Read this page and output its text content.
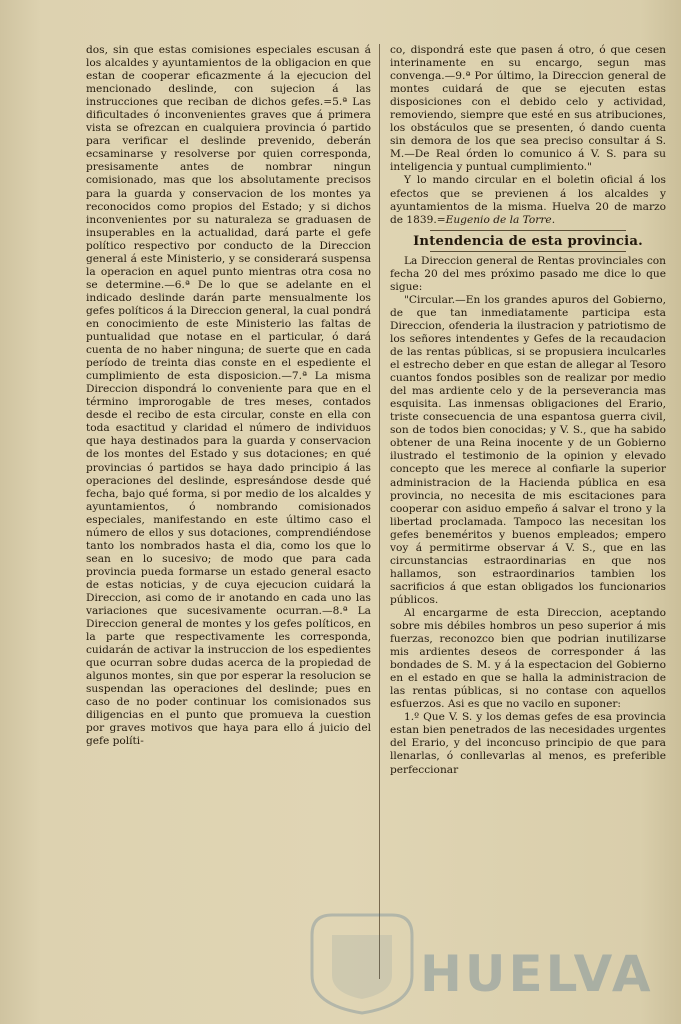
dos, sin que estas comisiones especiales escusan á los alcaldes y ayuntamientos de la obligacion en que estan de cooperar eficazmente á la ejecucion del mencionado deslinde, con sujecion á las instrucciones que reciban de dichos gefes.=5.ª Las dificultades ó inconvenientes graves que á primera vista se ofrezcan en cualquiera provincia ó partido para verificar el deslinde prevenido, deberán ecsaminarse y resolverse por quien corresponda, presisamente antes de nombrar ningun comisionado, mas que los absolutamente precisos para la guarda y conservacion de los montes ya reconocidos como propios del Estado; y si dichos inconvenientes por su naturaleza se graduasen de insuperables en la actualidad, dará parte el gefe político respectivo por conducto de la Direccion general á este Ministerio, y se considerará suspensa la operacion en aquel punto mientras otra cosa no se determine.—6.ª De lo que se adelante en el indicado deslinde darán parte mensualmente los gefes políticos á la Direccion general, la cual pondrá en conocimiento de este Ministerio las faltas de puntualidad que notase en el particular, ó dará cuenta de no haber ninguna; de suerte que en cada período de treinta dias conste en el espediente el cumplimiento de esta disposicion.—7.ª La misma Direccion dispondrá lo conveniente para que en el término improrogable de tres meses, contados desde el recibo de esta circular, conste en ella con toda esactitud y claridad el número de individuos que haya destinados para la guarda y conservacion de los montes del Estado y sus dotaciones; en qué provincias ó partidos se haya dado principio á las operaciones del deslinde, espresándose desde qué fecha, bajo qué forma, si por medio de los alcaldes y ayuntamientos, ó nombrando comisionados especiales, manifestando en este último caso el número de ellos y sus dotaciones, comprendiéndose tanto los nombrados hasta el dia, como los que lo sean en lo sucesivo; de modo que para cada provincia pueda formarse un estado general esacto de estas noticias, y de cuya ejecucion cuidará la Direccion, asi como de ir anotando en cada uno las variaciones que sucesivamente ocurran.—8.ª La Direccion general de montes y los gefes políticos, en la parte que respectivamente les corresponda, cuidarán de activar la instruccion de los espedientes que ocurran sobre dudas acerca de la propiedad de algunos montes, sin que por esperar la resolucion se suspendan las operaciones del deslinde; pues en caso de no poder continuar los comisionados sus diligencias en el punto que promueva la cuestion por graves motivos que haya para ello á juicio del gefe políti-

co, dispondrá este que pasen á otro, ó que cesen interinamente en su encargo, segun mas convenga.—9.ª Por último, la Direccion general de montes cuidará de que se ejecuten estas disposiciones con el debido celo y actividad, removiendo, siempre que esté en sus atribuciones, los obstáculos que se presenten, ó dando cuenta sin demora de los que sea preciso consultar á S. M.—De Real órden lo comunico á V. S. para su inteligencia y puntual cumplimiento."

Y lo mando circular en el boletin oficial á los efectos que se previenen á los alcaldes y ayuntamientos de la misma. Huelva 20 de marzo de 1839.=Eugenio de la Torre.

Intendencia de esta provincia.

La Direccion general de Rentas provinciales con fecha 20 del mes próximo pasado me dice lo que sigue:

"Circular.—En los grandes apuros del Gobierno, de que tan inmediatamente participa esta Direccion, ofenderia la ilustracion y patriotismo de los señores intendentes y Gefes de la recaudacion de las rentas públicas, si se propusiera inculcarles el estrecho deber en que estan de allegar al Tesoro cuantos fondos posibles son de realizar por medio del mas ardiente celo y de la perseverancia mas esquisita. Las inmensas obligaciones del Erario, triste consecuencia de una espantosa guerra civil, son de todos bien conocidas; y V. S., que ha sabido obtener de una Reina inocente y de un Gobierno ilustrado el testimonio de la opinion y elevado concepto que les merece al confiarle la superior administracion de la Hacienda pública en esa provincia, no necesita de mis escitaciones para cooperar con asiduo empeño á salvar el trono y la libertad proclamada. Tampoco las necesitan los gefes beneméritos y buenos empleados; empero voy á permitirme observar á V. S., que en las circunstancias estraordinarias en que nos hallamos, son estraordinarios tambien los sacrificios á que estan obligados los funcionarios públicos.

Al encargarme de esta Direccion, aceptando sobre mis débiles hombros un peso superior á mis fuerzas, reconozco bien que podrian inutilizarse mis ardientes deseos de corresponder á las bondades de S. M. y á la espectacion del Gobierno en el estado en que se halla la administracion de las rentas públicas, si no contase con aquellos esfuerzos. Asi es que no vacilo en suponer:

1.º Que V. S. y los demas gefes de esa provincia estan bien penetrados de las necesidades urgentes del Erario, y del inconcuso principio de que para llenarlas, ó conllevarlas al menos, es preferible perfeccionar

HUELVA
